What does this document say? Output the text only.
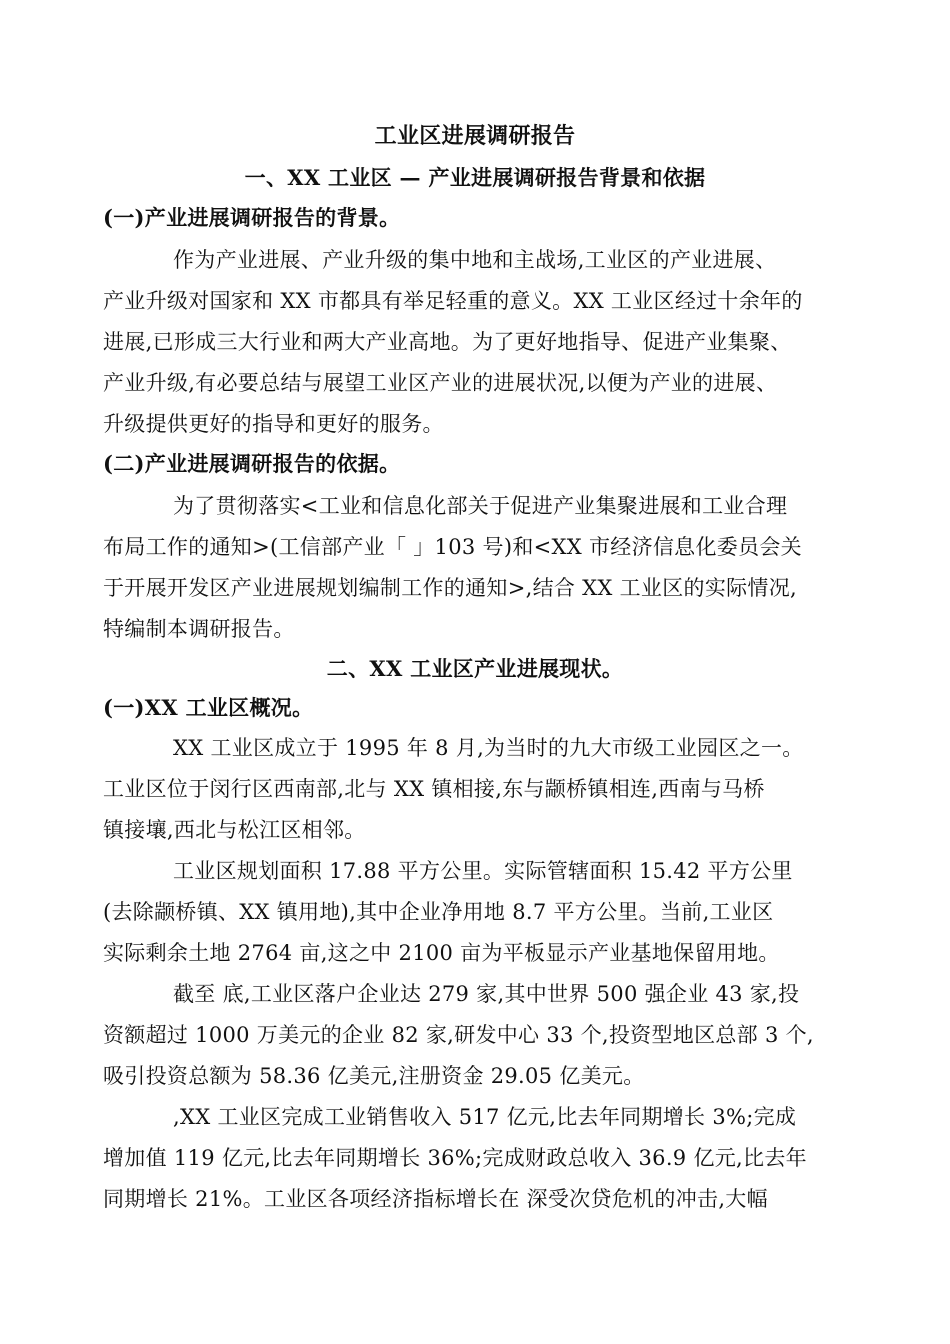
工业区进展调研报告
一、XX 工业区 — 产业进展调研报告背景和依据
(一)产业进展调研报告的背景。
作为产业进展、产业升级的集中地和主战场,工业区的产业进展、
产业升级对国家和 XX 市都具有举足轻重的意义。XX 工业区经过十余年的
进展,已形成三大行业和两大产业高地。为了更好地指导、促进产业集聚、
产业升级,有必要总结与展望工业区产业的进展状况,以便为产业的进展、
升级提供更好的指导和更好的服务。
(二)产业进展调研报告的依据。
为了贯彻落实<工业和信息化部关于促进产业集聚进展和工业合理
布局工作的通知>(工信部产业「 」103 号)和<XX 市经济信息化委员会关
于开展开发区产业进展规划编制工作的通知>,结合 XX 工业区的实际情况,
特编制本调研报告。
二、XX 工业区产业进展现状。
(一)XX 工业区概况。
XX 工业区成立于 1995 年 8 月,为当时的九大市级工业园区之一。
工业区位于闵行区西南部,北与 XX 镇相接,东与颛桥镇相连,西南与马桥
镇接壤,西北与松江区相邻。
工业区规划面积 17.88 平方公里。实际管辖面积 15.42 平方公里
(去除颛桥镇、XX 镇用地),其中企业净用地 8.7 平方公里。当前,工业区
实际剩余土地 2764 亩,这之中 2100 亩为平板显示产业基地保留用地。
截至 底,工业区落户企业达 279 家,其中世界 500 强企业 43 家,投
资额超过 1000 万美元的企业 82 家,研发中心 33 个,投资型地区总部 3 个,
吸引投资总额为 58.36 亿美元,注册资金 29.05 亿美元。
,XX 工业区完成工业销售收入 517 亿元,比去年同期增长 3%;完成
增加值 119 亿元,比去年同期增长 36%;完成财政总收入 36.9 亿元,比去年
同期增长 21%。工业区各项经济指标增长在 深受次贷危机的冲击,大幅
